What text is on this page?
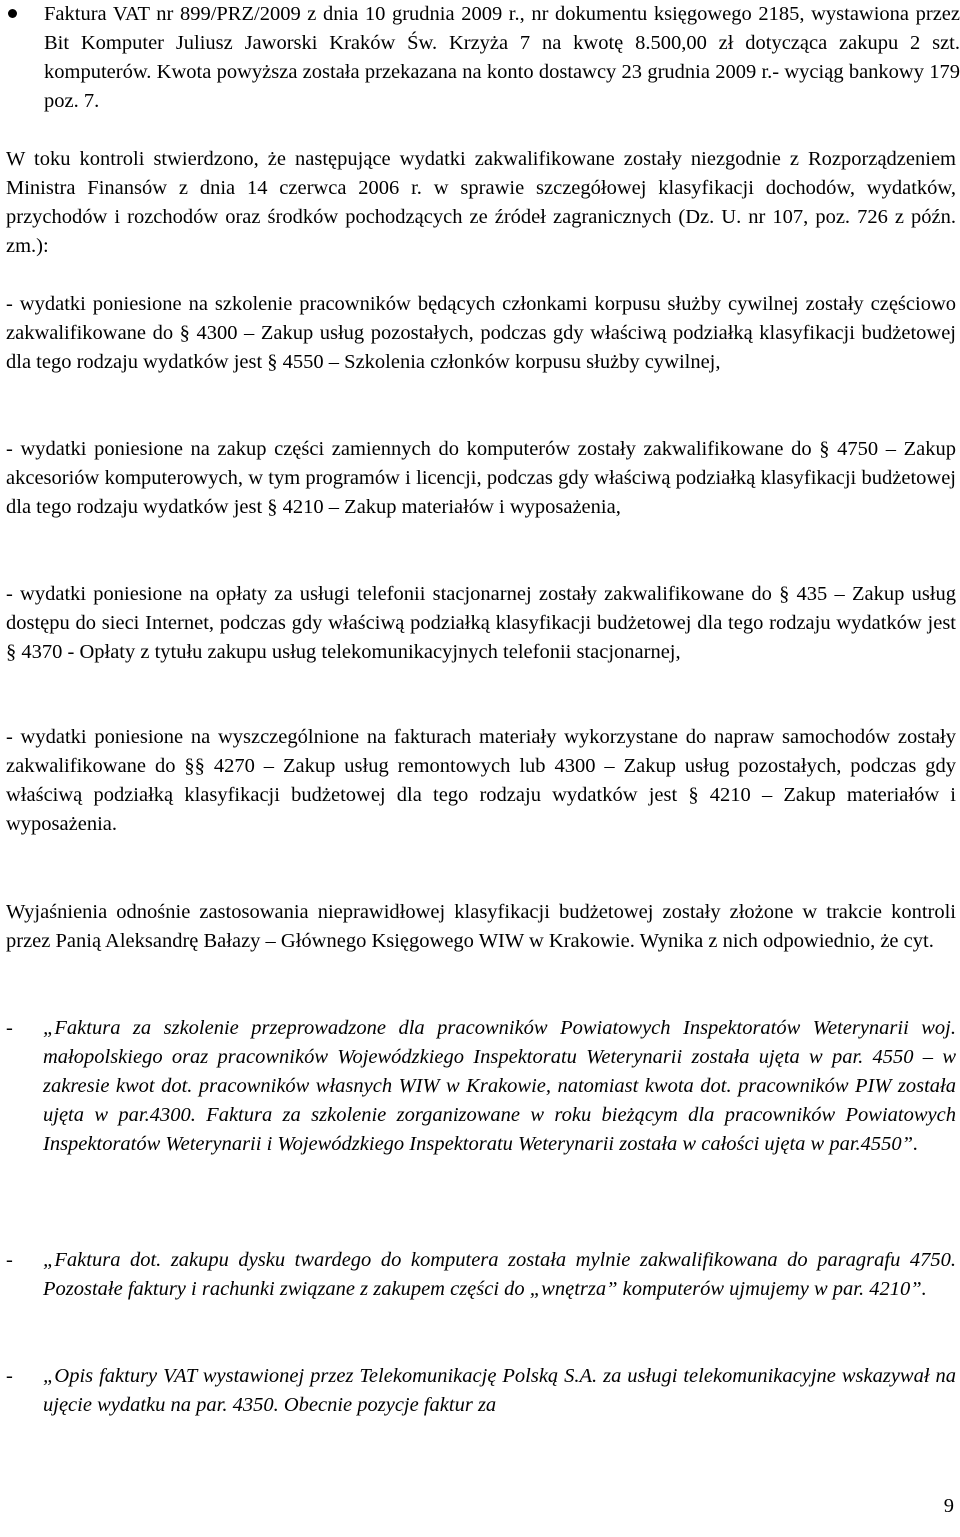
Faktura VAT nr 899/PRZ/2009 z dnia 10 grudnia 2009 r., nr dokumentu księgowego 2185, wystawiona przez Bit Komputer Juliusz Jaworski Kraków Św. Krzyża 7 na kwotę 8.500,00 zł dotycząca zakupu 2 szt. komputerów. Kwota powyższa została przekazana na konto dostawcy 23 grudnia 2009 r.- wyciąg bankowy 179 poz. 7.
W toku kontroli stwierdzono, że następujące wydatki zakwalifikowane zostały niezgodnie z Rozporządzeniem Ministra Finansów z dnia 14 czerwca 2006 r. w sprawie szczegółowej klasyfikacji dochodów, wydatków, przychodów i rozchodów oraz środków pochodzących ze źródeł zagranicznych (Dz. U. nr 107, poz. 726 z późn. zm.):
- wydatki poniesione na szkolenie pracowników będących członkami korpusu służby cywilnej zostały częściowo zakwalifikowane do § 4300 – Zakup usług pozostałych, podczas gdy właściwą podziałką klasyfikacji budżetowej dla tego rodzaju wydatków jest § 4550 – Szkolenia członków korpusu służby cywilnej,
- wydatki poniesione na zakup części zamiennych do komputerów zostały zakwalifikowane do § 4750 – Zakup akcesoriów komputerowych, w tym programów i licencji, podczas gdy właściwą podziałką klasyfikacji budżetowej dla tego rodzaju wydatków jest § 4210 – Zakup materiałów i wyposażenia,
- wydatki poniesione na opłaty za usługi telefonii stacjonarnej zostały zakwalifikowane do § 435 – Zakup usług dostępu do sieci Internet, podczas gdy właściwą podziałką klasyfikacji budżetowej dla tego rodzaju wydatków jest § 4370 - Opłaty z tytułu zakupu usług telekomunikacyjnych telefonii stacjonarnej,
- wydatki poniesione na wyszczególnione na fakturach materiały wykorzystane do napraw samochodów zostały zakwalifikowane do §§ 4270 – Zakup usług remontowych lub 4300 – Zakup usług pozostałych, podczas gdy właściwą podziałką klasyfikacji budżetowej dla tego rodzaju wydatków jest § 4210 – Zakup materiałów i wyposażenia.
Wyjaśnienia odnośnie zastosowania nieprawidłowej klasyfikacji budżetowej zostały złożone w trakcie kontroli przez Panią Aleksandrę Bałazy – Głównego Księgowego WIW w Krakowie. Wynika z nich odpowiednio, że cyt.
- „Faktura za szkolenie przeprowadzone dla pracowników Powiatowych Inspektoratów Weterynarii woj. małopolskiego oraz pracowników Wojewódzkiego Inspektoratu Weterynarii została ujęta w par. 4550 – w zakresie kwot dot. pracowników własnych WIW w Krakowie, natomiast kwota dot. pracowników PIW została ujęta w par.4300. Faktura za szkolenie zorganizowane w roku bieżącym dla pracowników Powiatowych Inspektoratów Weterynarii i Wojewódzkiego Inspektoratu Weterynarii została w całości ujęta w par.4550”.
- „Faktura dot. zakupu dysku twardego do komputera została mylnie zakwalifikowana do paragrafu 4750. Pozostałe faktury i rachunki związane z zakupem części do „wnętrza” komputerów ujmujemy w par. 4210”.
- „Opis faktury VAT wystawionej przez Telekomunikację Polską S.A. za usługi telekomunikacyjne wskazywał na ujęcie wydatku na par. 4350. Obecnie pozycje faktur za
9
